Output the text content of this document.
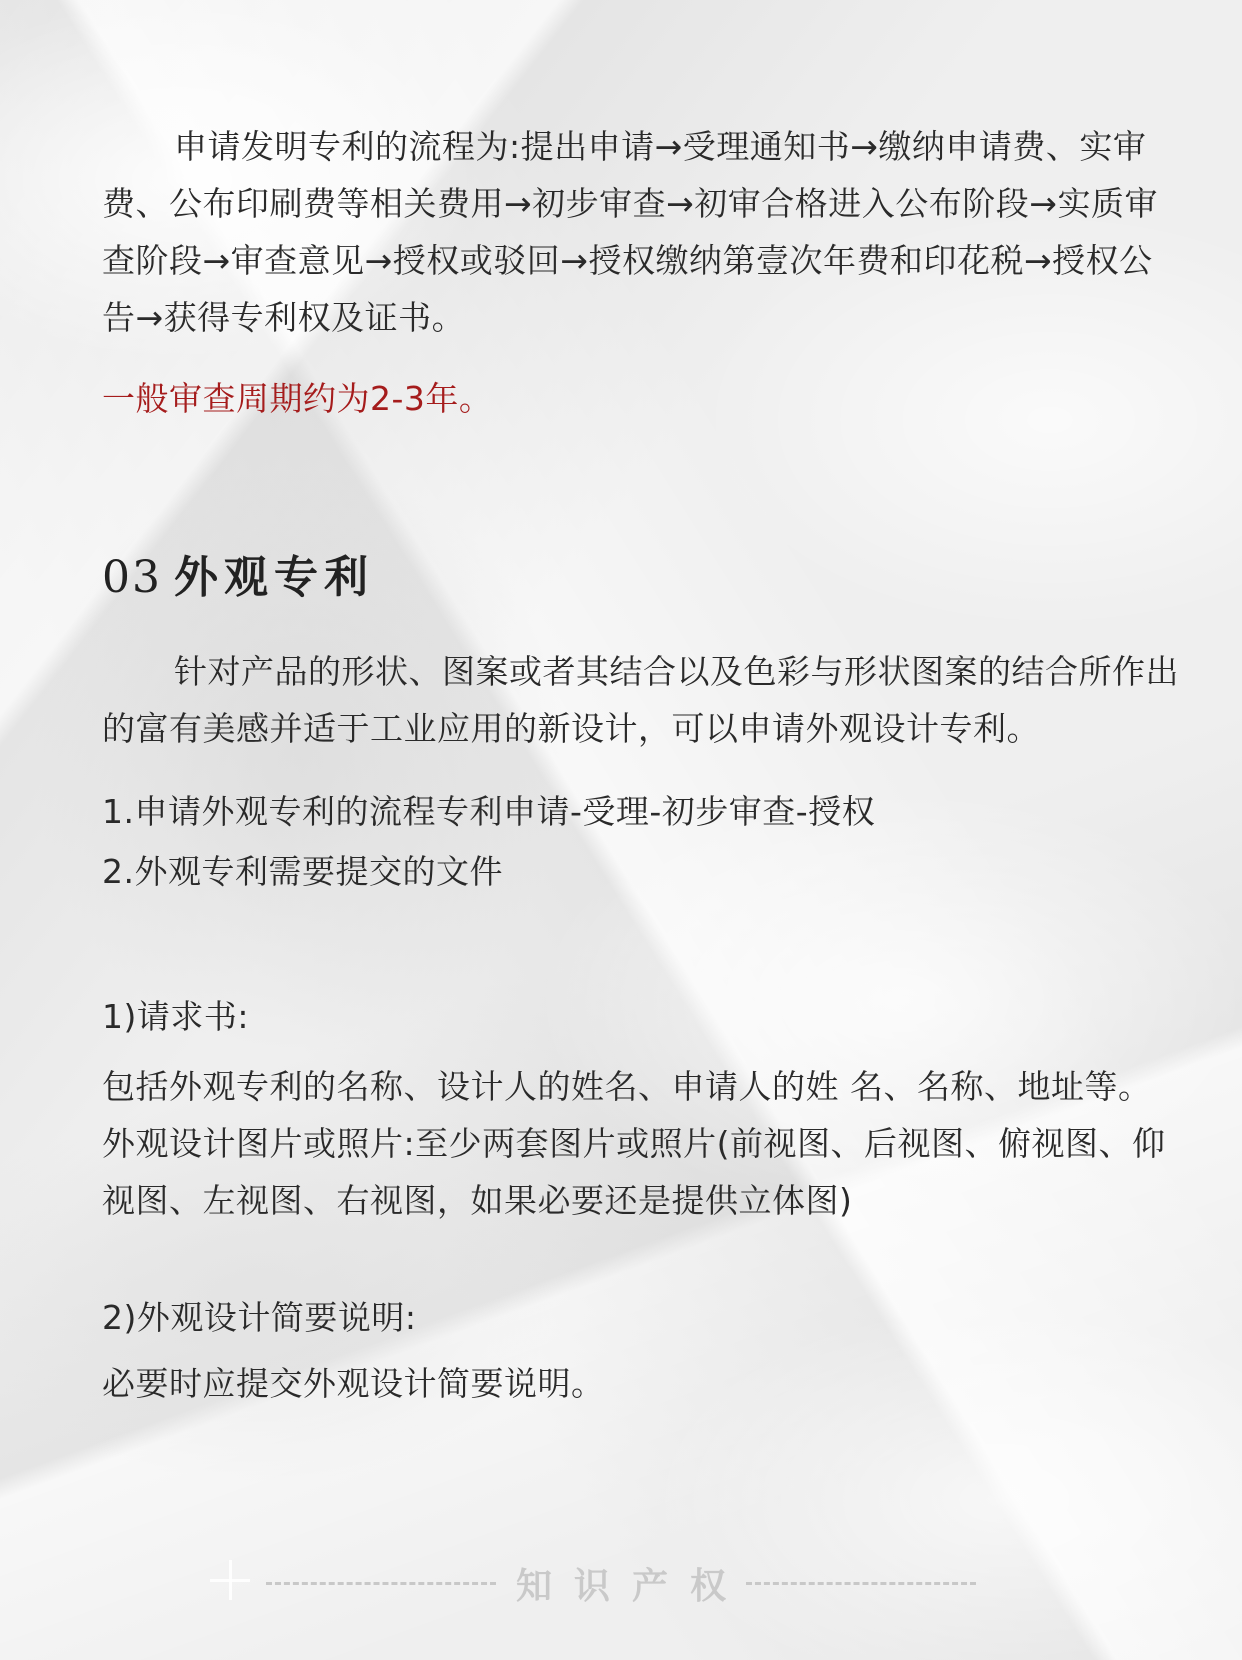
申请发明专利的流程为:提出申请→受理通知书→缴纳申请费、实审费、公布印刷费等相关费用→初步审查→初审合格进入公布阶段→实质审查阶段→审查意见→授权或驳回→授权缴纳第壹次年费和印花税→授权公告→获得专利权及证书。

一般审查周期约为2-3年。

03 外观专利

针对产品的形状、图案或者其结合以及色彩与形状图案的结合所作出的富有美感并适于工业应用的新设计，可以申请外观设计专利。

1.申请外观专利的流程专利申请-受理-初步审查-授权

2.外观专利需要提交的文件

1)请求书:

包括外观专利的名称、设计人的姓名、申请人的姓 名、名称、地址等。外观设计图片或照片:至少两套图片或照片(前视图、后视图、俯视图、仰视图、左视图、右视图，如果必要还是提供立体图)

2)外观设计简要说明:

必要时应提交外观设计简要说明。

知识产权
